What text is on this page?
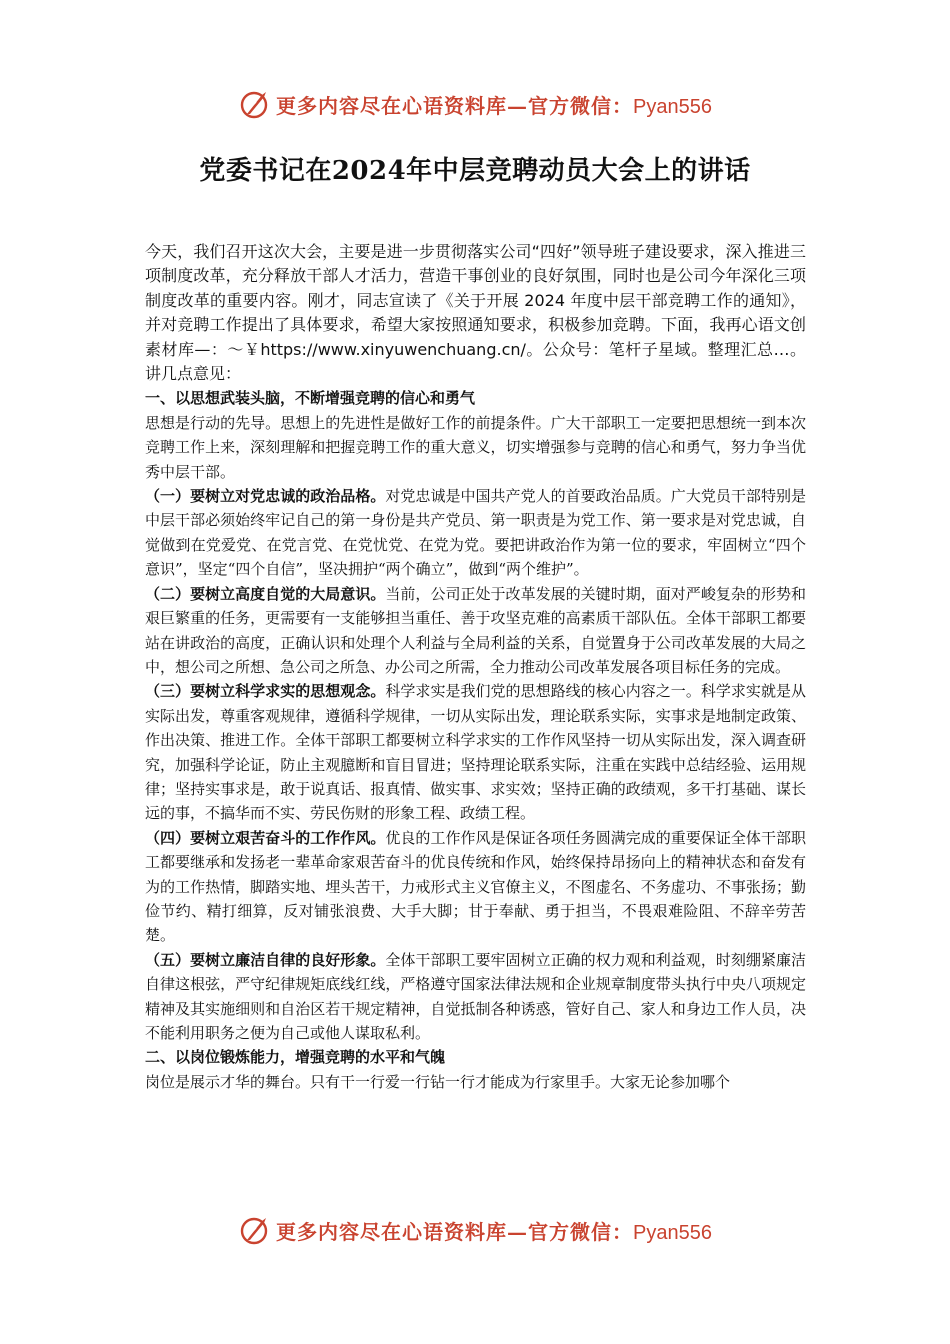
更多内容尽在心语资料库—官方微信：Pyan556
党委书记在2024年中层竞聘动员大会上的讲话

今天，我们召开这次大会，主要是进一步贯彻落实公司“四好”领导班子建设要求，深入推进三项制度改革，充分释放干部人才活力，营造干事创业的良好氛围，同时也是公司今年深化三项制度改革的重要内容。刚才，同志宣读了《关于开展 2024 年度中层干部竞聘工作的通知》，并对竞聘工作提出了具体要求，希望大家按照通知要求，积极参加竞聘。下面，我再心语文创素材库—：～￥https://www.xinyuwenchuang.cn/。公众号：笔杆子星域。整理汇总…。讲几点意见：

一、以思想武装头脑，不断增强竞聘的信心和勇气

思想是行动的先导。思想上的先进性是做好工作的前提条件。广大干部职工一定要把思想统一到本次竞聘工作上来，深刻理解和把握竞聘工作的重大意义，切实增强参与竞聘的信心和勇气，努力争当优秀中层干部。

（一）要树立对党忠诚的政治品格。对党忠诚是中国共产党人的首要政治品质。广大党员干部特别是中层干部必须始终牢记自己的第一身份是共产党员、第一职责是为党工作、第一要求是对党忠诚，自觉做到在党爱党、在党言党、在党忧党、在党为党。要把讲政治作为第一位的要求，牢固树立“四个意识”，坚定“四个自信”，坚决拥护“两个确立”，做到“两个维护”。

（二）要树立高度自觉的大局意识。当前，公司正处于改革发展的关键时期，面对严峻复杂的形势和艰巨繁重的任务，更需要有一支能够担当重任、善于攻坚克难的高素质干部队伍。全体干部职工都要站在讲政治的高度，正确认识和处理个人利益与全局利益的关系，自觉置身于公司改革发展的大局之中，想公司之所想、急公司之所急、办公司之所需，全力推动公司改革发展各项目标任务的完成。

（三）要树立科学求实的思想观念。科学求实是我们党的思想路线的核心内容之一。科学求实就是从实际出发，尊重客观规律，遵循科学规律，一切从实际出发，理论联系实际，实事求是地制定政策、作出决策、推进工作。全体干部职工都要树立科学求实的工作作风坚持一切从实际出发，深入调查研究，加强科学论证，防止主观臆断和盲目冒进；坚持理论联系实际，注重在实践中总结经验、运用规律；坚持实事求是，敢于说真话、报真情、做实事、求实效；坚持正确的政绩观，多干打基础、谋长远的事，不搞华而不实、劳民伤财的形象工程、政绩工程。

（四）要树立艰苦奋斗的工作作风。优良的工作作风是保证各项任务圆满完成的重要保证全体干部职工都要继承和发扬老一辈革命家艰苦奋斗的优良传统和作风，始终保持昂扬向上的精神状态和奋发有为的工作热情，脚踏实地、埋头苦干，力戒形式主义官僚主义，不图虚名、不务虚功、不事张扬；勤俭节约、精打细算，反对铺张浪费、大手大脚；甘于奉献、勇于担当，不畏艰难险阻、不辞辛劳苦楚。

（五）要树立廉洁自律的良好形象。全体干部职工要牢固树立正确的权力观和利益观，时刻绷紧廉洁自律这根弦，严守纪律规矩底线红线，严格遵守国家法律法规和企业规章制度带头执行中央八项规定精神及其实施细则和自治区若干规定精神，自觉抵制各种诱惑，管好自己、家人和身边工作人员，决不能利用职务之便为自己或他人谋取私利。

二、以岗位锻炼能力，增强竞聘的水平和气魄

岗位是展示才华的舞台。只有干一行爱一行钻一行才能成为行家里手。大家无论参加哪个

更多内容尽在心语资料库—官方微信：Pyan556
